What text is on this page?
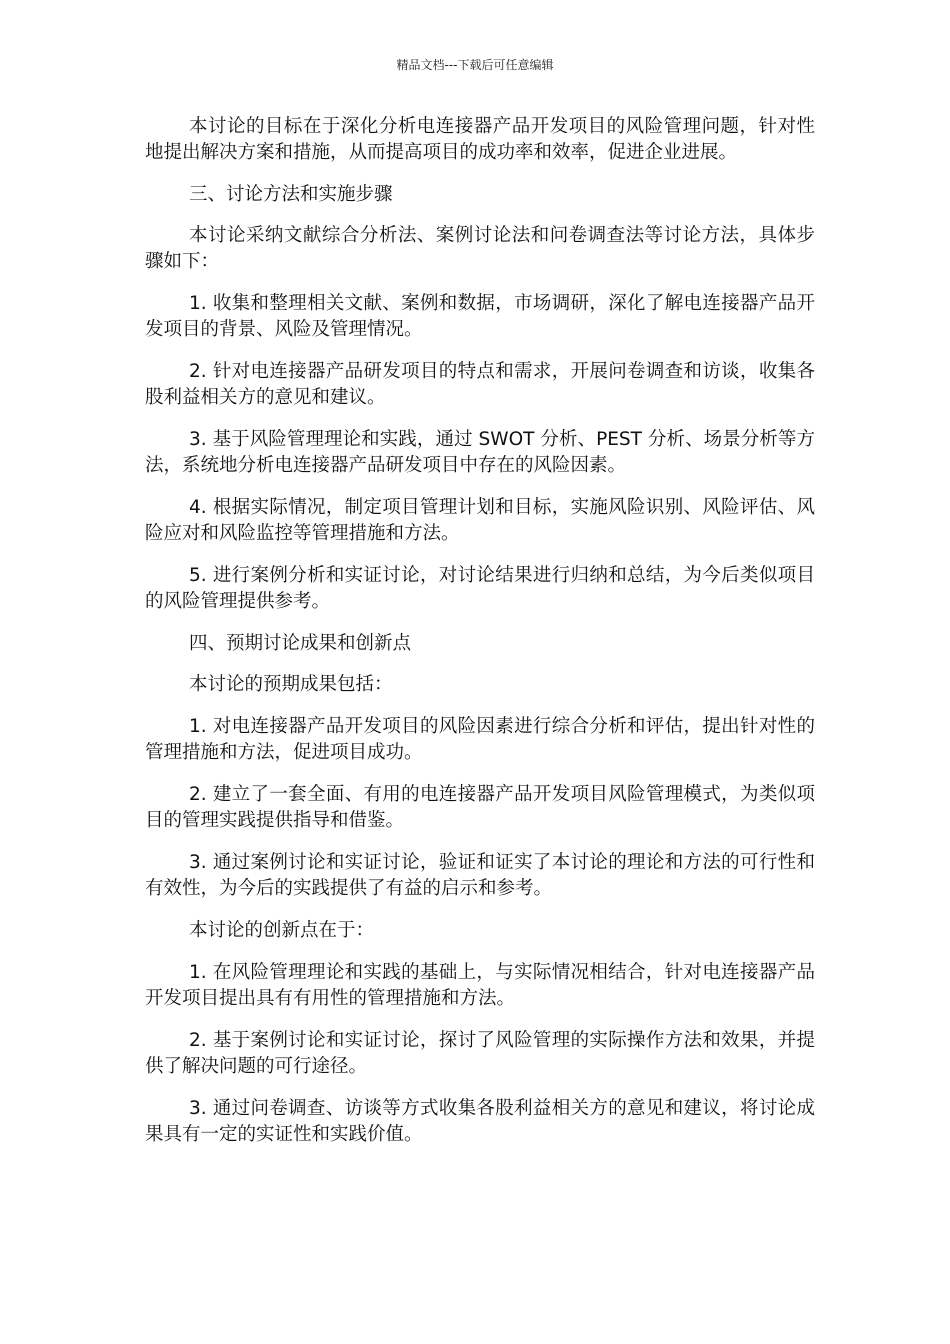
精品文档---下载后可任意编辑

本讨论的目标在于深化分析电连接器产品开发项目的风险管理问题，针对性地提出解决方案和措施，从而提高项目的成功率和效率，促进企业进展。

三、讨论方法和实施步骤

本讨论采纳文献综合分析法、案例讨论法和问卷调查法等讨论方法，具体步骤如下：

1. 收集和整理相关文献、案例和数据，市场调研，深化了解电连接器产品开发项目的背景、风险及管理情况。

2. 针对电连接器产品研发项目的特点和需求，开展问卷调查和访谈，收集各股利益相关方的意见和建议。

3. 基于风险管理理论和实践，通过 SWOT 分析、PEST 分析、场景分析等方法，系统地分析电连接器产品研发项目中存在的风险因素。

4. 根据实际情况，制定项目管理计划和目标，实施风险识别、风险评估、风险应对和风险监控等管理措施和方法。

5. 进行案例分析和实证讨论，对讨论结果进行归纳和总结，为今后类似项目的风险管理提供参考。

四、预期讨论成果和创新点

本讨论的预期成果包括：

1. 对电连接器产品开发项目的风险因素进行综合分析和评估，提出针对性的管理措施和方法，促进项目成功。

2. 建立了一套全面、有用的电连接器产品开发项目风险管理模式，为类似项目的管理实践提供指导和借鉴。

3. 通过案例讨论和实证讨论，验证和证实了本讨论的理论和方法的可行性和有效性，为今后的实践提供了有益的启示和参考。

本讨论的创新点在于：

1. 在风险管理理论和实践的基础上，与实际情况相结合，针对电连接器产品开发项目提出具有有用性的管理措施和方法。

2. 基于案例讨论和实证讨论，探讨了风险管理的实际操作方法和效果，并提供了解决问题的可行途径。

3. 通过问卷调查、访谈等方式收集各股利益相关方的意见和建议，将讨论成果具有一定的实证性和实践价值。
